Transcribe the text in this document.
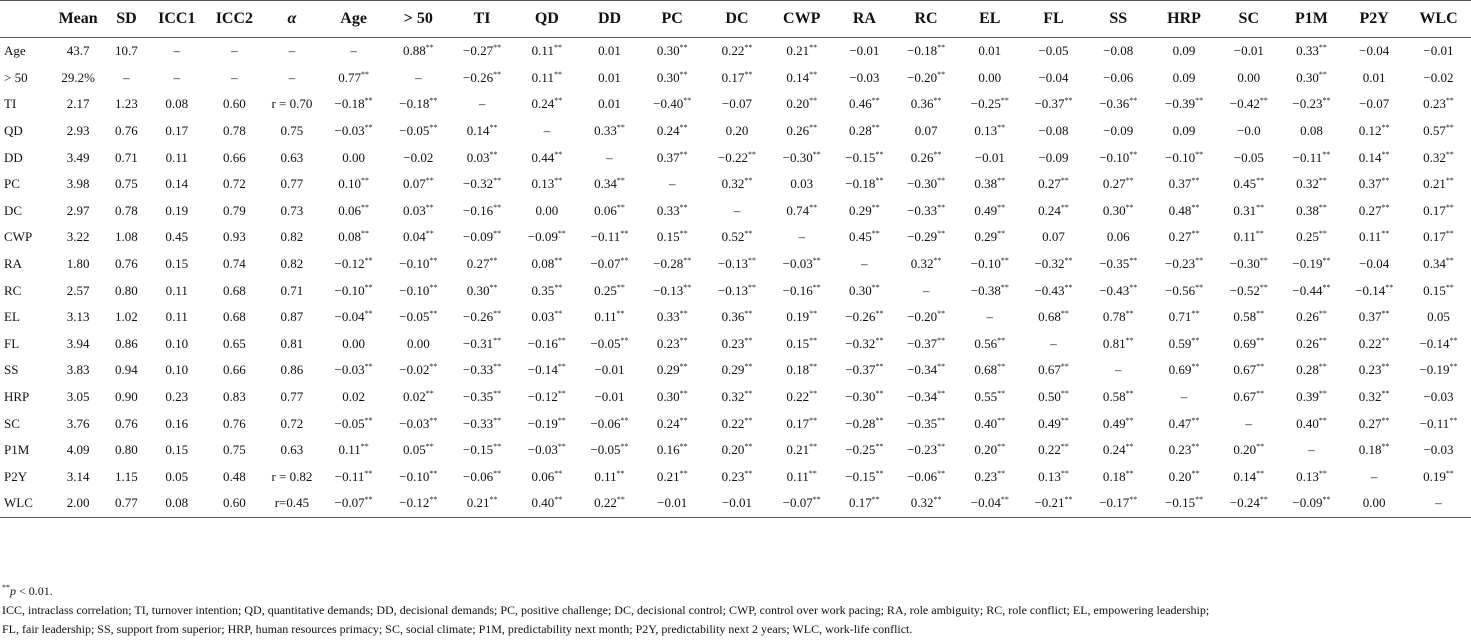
	Mean	SD	ICC1	ICC2	α	Age	> 50	TI	QD	DD	PC	DC	CWP	RA	RC	EL	FL	SS	HRP	SC	P1M	P2Y	WLC
Age	43.7	10.7	–	–	–	–	0.88**	−0.27**	0.11**	0.01	0.30**	0.22**	0.21**	−0.01	−0.18**	0.01	−0.05	−0.08	0.09	−0.01	0.33**	−0.04	−0.01
> 50	29.2%	–	–	–	–	0.77**	–	−0.26**	0.11**	0.01	0.30**	0.17**	0.14**	−0.03	−0.20**	0.00	−0.04	−0.06	0.09	0.00	0.30**	0.01	−0.02
TI	2.17	1.23	0.08	0.60	r = 0.70	−0.18**	−0.18**	–	0.24**	0.01	−0.40**	−0.07	0.20**	0.46**	0.36**	−0.25**	−0.37**	−0.36**	−0.39**	−0.42**	−0.23**	−0.07	0.23**
QD	2.93	0.76	0.17	0.78	0.75	−0.03**	−0.05**	0.14**	–	0.33**	0.24**	0.20	0.26**	0.28**	0.07	0.13**	−0.08	−0.09	0.09	−0.0	0.08	0.12**	0.57**
DD	3.49	0.71	0.11	0.66	0.63	0.00	−0.02	0.03**	0.44**	–	0.37**	−0.22**	−0.30**	−0.15**	0.26**	−0.01	−0.09	−0.10**	−0.10**	−0.05	−0.11**	0.14**	0.32**
PC	3.98	0.75	0.14	0.72	0.77	0.10**	0.07**	−0.32**	0.13**	0.34**	–	0.32**	0.03	−0.18**	−0.30**	0.38**	0.27**	0.27**	0.37**	0.45**	0.32**	0.37**	0.21**
DC	2.97	0.78	0.19	0.79	0.73	0.06**	0.03**	−0.16**	0.00	0.06**	0.33**	–	0.74**	0.29**	−0.33**	0.49**	0.24**	0.30**	0.48**	0.31**	0.38**	0.27**	0.17**
CWP	3.22	1.08	0.45	0.93	0.82	0.08**	0.04**	−0.09**	−0.09**	−0.11**	0.15**	0.52**	–	0.45**	−0.29**	0.29**	0.07	0.06	0.27**	0.11**	0.25**	0.11**	0.17**
RA	1.80	0.76	0.15	0.74	0.82	−0.12**	−0.10**	0.27**	0.08**	−0.07**	−0.28**	−0.13**	−0.03**	–	0.32**	−0.10**	−0.32**	−0.35**	−0.23**	−0.30**	−0.19**	−0.04	0.34**
RC	2.57	0.80	0.11	0.68	0.71	−0.10**	−0.10**	0.30**	0.35**	0.25**	−0.13**	−0.13**	−0.16**	0.30**	–	−0.38**	−0.43**	−0.43**	−0.56**	−0.52**	−0.44**	−0.14**	0.15**
EL	3.13	1.02	0.11	0.68	0.87	−0.04**	−0.05**	−0.26**	0.03**	0.11**	0.33**	0.36**	0.19**	−0.26**	−0.20**	–	0.68**	0.78**	0.71**	0.58**	0.26**	0.37**	0.05
FL	3.94	0.86	0.10	0.65	0.81	0.00	0.00	−0.31**	−0.16**	−0.05**	0.23**	0.23**	0.15**	−0.32**	−0.37**	0.56**	–	0.81**	0.59**	0.69**	0.26**	0.22**	−0.14**
SS	3.83	0.94	0.10	0.66	0.86	−0.03**	−0.02**	−0.33**	−0.14**	−0.01	0.29**	0.29**	0.18**	−0.37**	−0.34**	0.68**	0.67**	–	0.69**	0.67**	0.28**	0.23**	−0.19**
HRP	3.05	0.90	0.23	0.83	0.77	0.02	0.02**	−0.35**	−0.12**	−0.01	0.30**	0.32**	0.22**	−0.30**	−0.34**	0.55**	0.50**	0.58**	–	0.67**	0.39**	0.32**	−0.03
SC	3.76	0.76	0.16	0.76	0.72	−0.05**	−0.03**	−0.33**	−0.19**	−0.06**	0.24**	0.22**	0.17**	−0.28**	−0.35**	0.40**	0.49**	0.49**	0.47**	–	0.40**	0.27**	−0.11**
P1M	4.09	0.80	0.15	0.75	0.63	0.11**	0.05**	−0.15**	−0.03**	−0.05**	0.16**	0.20**	0.21**	−0.25**	−0.23**	0.20**	0.22**	0.24**	0.23**	0.20**	–	0.18**	−0.03
P2Y	3.14	1.15	0.05	0.48	r = 0.82	−0.11**	−0.10**	−0.06**	0.06**	0.11**	0.21**	0.23**	0.11**	−0.15**	−0.06**	0.23**	0.13**	0.18**	0.20**	0.14**	0.13**	–	0.19**
WLC	2.00	0.77	0.08	0.60	r=0.45	−0.07**	−0.12**	0.21**	0.40**	0.22**	−0.01	−0.01	−0.07**	0.17**	0.32**	−0.04**	−0.21**	−0.17**	−0.15**	−0.24**	−0.09**	0.00	–

**p < 0.01.

ICC, intraclass correlation; TI, turnover intention; QD, quantitative demands; DD, decisional demands; PC, positive challenge; DC, decisional control; CWP, control over work pacing; RA, role ambiguity; RC, role conflict; EL, empowering leadership;

FL, fair leadership; SS, support from superior; HRP, human resources primacy; SC, social climate; P1M, predictability next month; P2Y, predictability next 2 years; WLC, work-life conflict.
